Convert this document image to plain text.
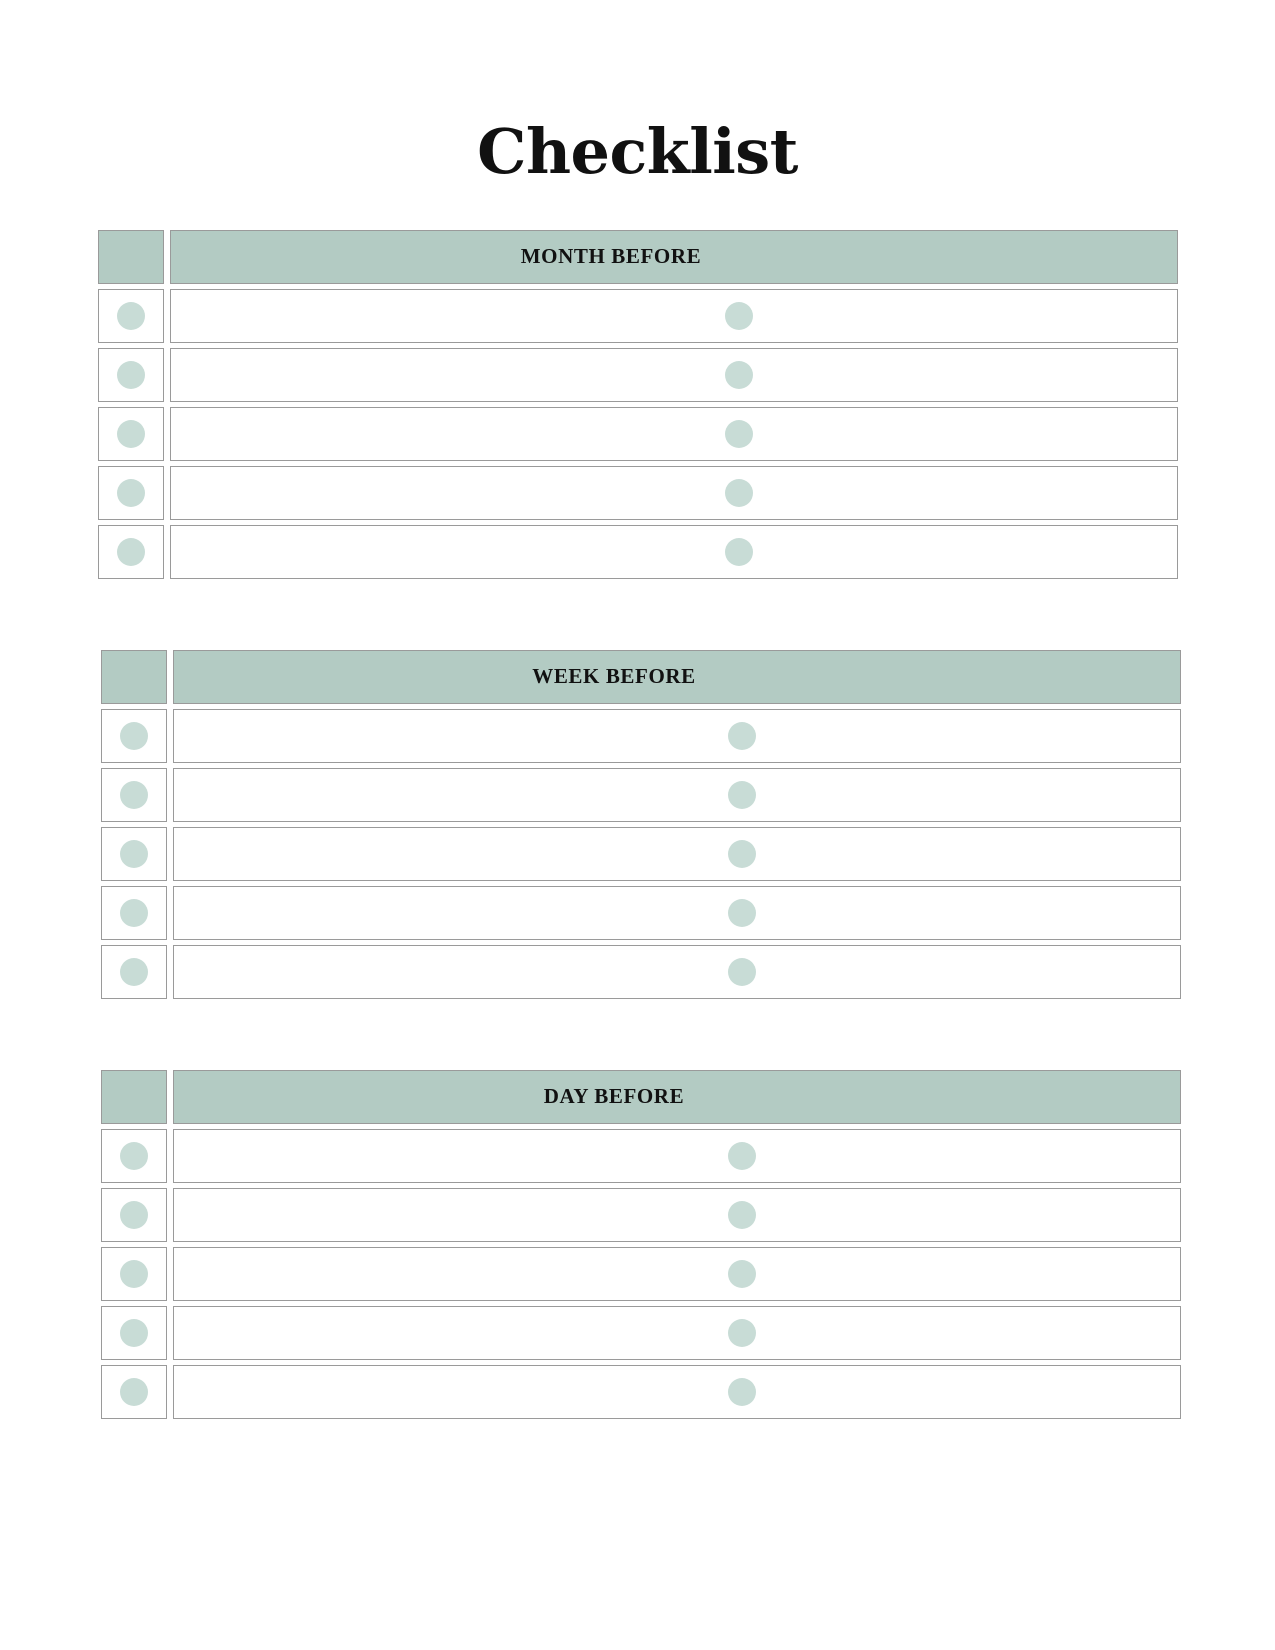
Checklist
MONTH BEFORE
WEEK BEFORE
DAY BEFORE
